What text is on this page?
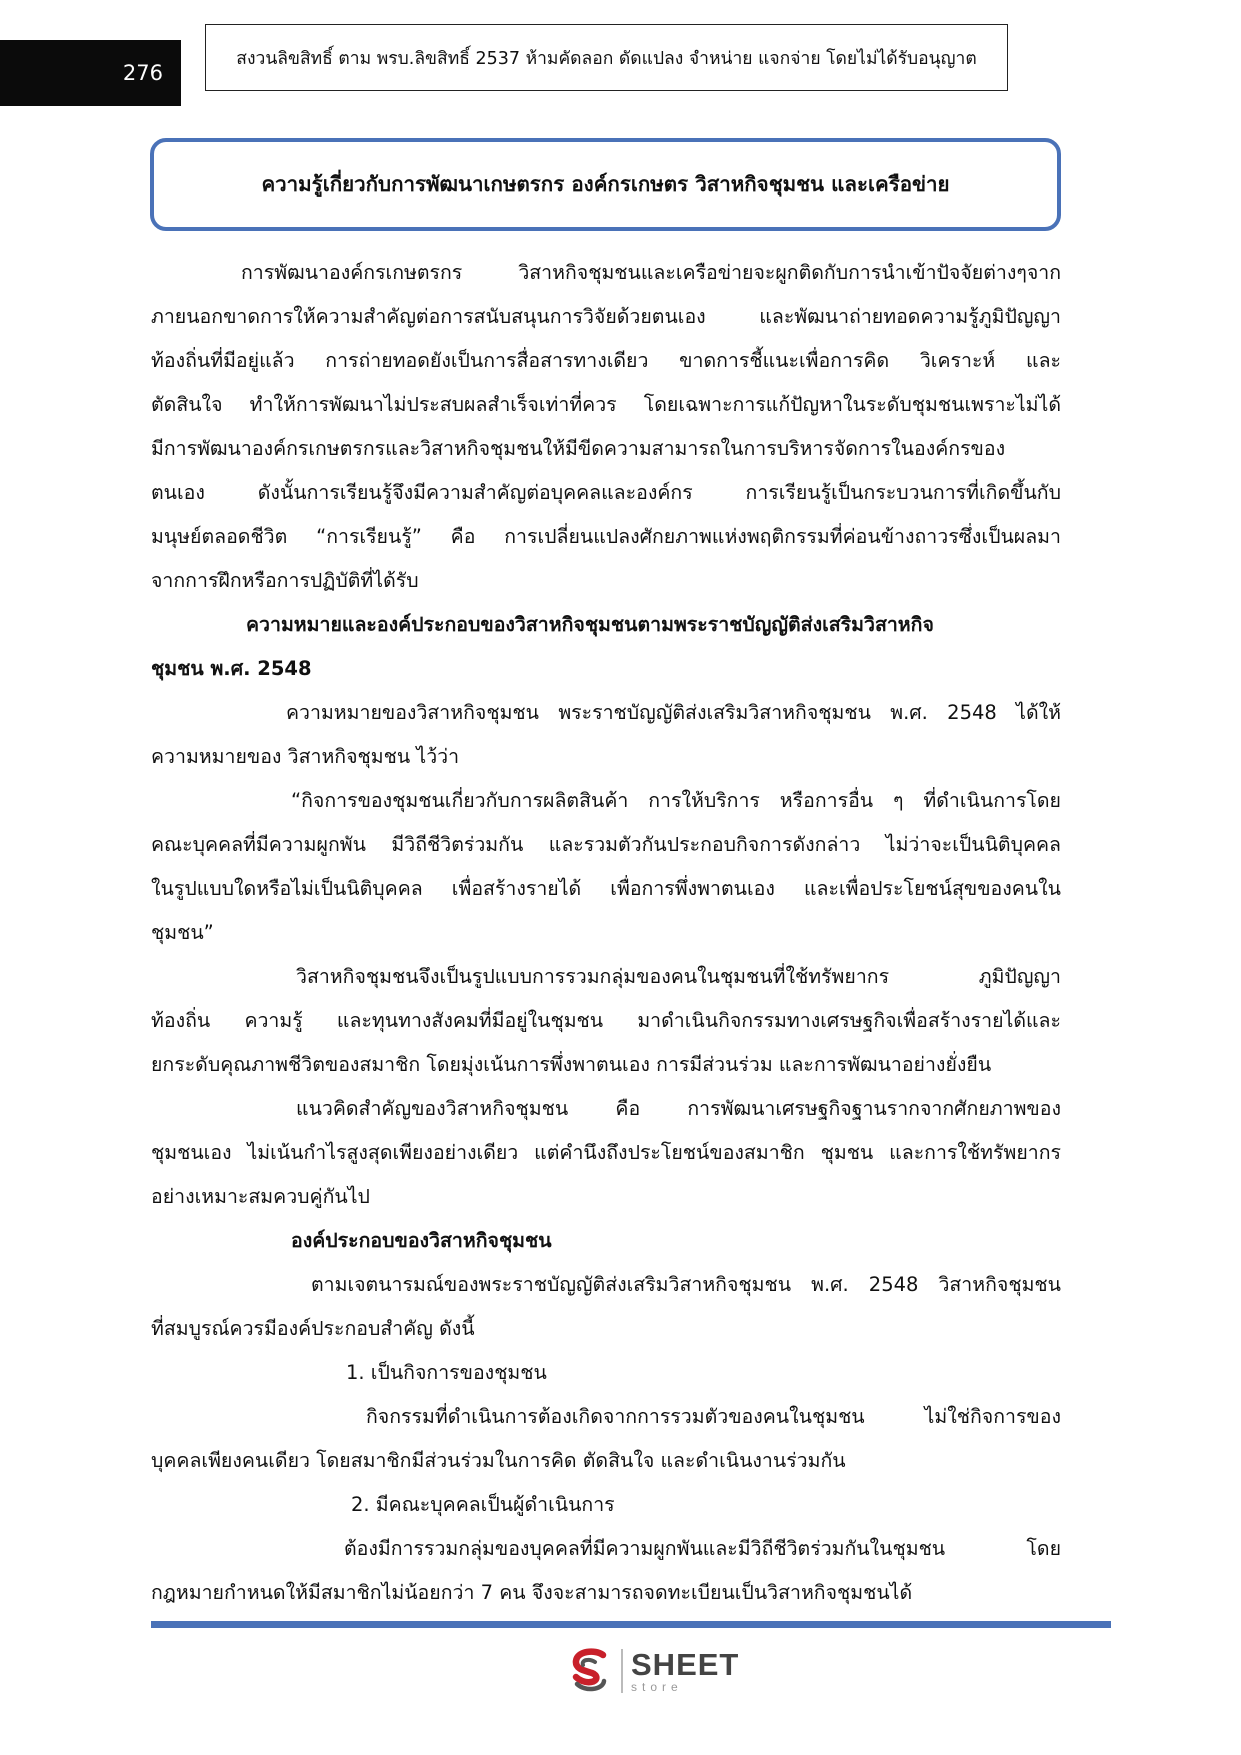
276
สงวนลิขสิทธิ์ ตาม พรบ.ลิขสิทธิ์ 2537 ห้ามคัดลอก ดัดแปลง จำหน่าย แจกจ่าย โดยไม่ได้รับอนุญาต
ความรู้เกี่ยวกับการพัฒนาเกษตรกร องค์กรเกษตร วิสาหกิจชุมชน และเครือข่าย

การพัฒนาองค์กรเกษตรกร วิสาหกิจชุมชนและเครือข่ายจะผูกติดกับการนำเข้าปัจจัยต่างๆจาก

ภายนอกขาดการให้ความสำคัญต่อการสนับสนุนการวิจัยด้วยตนเอง และพัฒนาถ่ายทอดความรู้ภูมิปัญญา

ท้องถิ่นที่มีอยู่แล้ว การถ่ายทอดยังเป็นการสื่อสารทางเดียว ขาดการชี้แนะเพื่อการคิด วิเคราะห์ และ

ตัดสินใจ ทำให้การพัฒนาไม่ประสบผลสำเร็จเท่าที่ควร โดยเฉพาะการแก้ปัญหาในระดับชุมชนเพราะไม่ได้

มีการพัฒนาองค์กรเกษตรกรและวิสาหกิจชุมชนให้มีขีดความสามารถในการบริหารจัดการในองค์กรของ

ตนเอง ดังนั้นการเรียนรู้จึงมีความสำคัญต่อบุคคลและองค์กร การเรียนรู้เป็นกระบวนการที่เกิดขึ้นกับ

มนุษย์ตลอดชีวิต “การเรียนรู้” คือ การเปลี่ยนแปลงศักยภาพแห่งพฤติกรรมที่ค่อนข้างถาวรซึ่งเป็นผลมา

จากการฝึกหรือการปฏิบัติที่ได้รับ

ความหมายและองค์ประกอบของวิสาหกิจชุมชนตามพระราชบัญญัติส่งเสริมวิสาหกิจ

ชุมชน พ.ศ. 2548

ความหมายของวิสาหกิจชุมชน พระราชบัญญัติส่งเสริมวิสาหกิจชุมชน พ.ศ. 2548 ได้ให้

ความหมายของ วิสาหกิจชุมชน ไว้ว่า

“กิจการของชุมชนเกี่ยวกับการผลิตสินค้า การให้บริการ หรือการอื่น ๆ ที่ดำเนินการโดย

คณะบุคคลที่มีความผูกพัน มีวิถีชีวิตร่วมกัน และรวมตัวกันประกอบกิจการดังกล่าว ไม่ว่าจะเป็นนิติบุคคล

ในรูปแบบใดหรือไม่เป็นนิติบุคคล เพื่อสร้างรายได้ เพื่อการพึ่งพาตนเอง และเพื่อประโยชน์สุขของคนใน

ชุมชน”

วิสาหกิจชุมชนจึงเป็นรูปแบบการรวมกลุ่มของคนในชุมชนที่ใช้ทรัพยากร ภูมิปัญญา

ท้องถิ่น ความรู้ และทุนทางสังคมที่มีอยู่ในชุมชน มาดำเนินกิจกรรมทางเศรษฐกิจเพื่อสร้างรายได้และ

ยกระดับคุณภาพชีวิตของสมาชิก โดยมุ่งเน้นการพึ่งพาตนเอง การมีส่วนร่วม และการพัฒนาอย่างยั่งยืน

แนวคิดสำคัญของวิสาหกิจชุมชน คือ การพัฒนาเศรษฐกิจฐานรากจากศักยภาพของ

ชุมชนเอง ไม่เน้นกำไรสูงสุดเพียงอย่างเดียว แต่คำนึงถึงประโยชน์ของสมาชิก ชุมชน และการใช้ทรัพยากร

อย่างเหมาะสมควบคู่กันไป

องค์ประกอบของวิสาหกิจชุมชน

ตามเจตนารมณ์ของพระราชบัญญัติส่งเสริมวิสาหกิจชุมชน พ.ศ. 2548 วิสาหกิจชุมชน

ที่สมบูรณ์ควรมีองค์ประกอบสำคัญ ดังนี้

1. เป็นกิจการของชุมชน

กิจกรรมที่ดำเนินการต้องเกิดจากการรวมตัวของคนในชุมชน ไม่ใช่กิจการของ

บุคคลเพียงคนเดียว โดยสมาชิกมีส่วนร่วมในการคิด ตัดสินใจ และดำเนินงานร่วมกัน

2. มีคณะบุคคลเป็นผู้ดำเนินการ

ต้องมีการรวมกลุ่มของบุคคลที่มีความผูกพันและมีวิถีชีวิตร่วมกันในชุมชน โดย

กฎหมายกำหนดให้มีสมาชิกไม่น้อยกว่า 7 คน จึงจะสามารถจดทะเบียนเป็นวิสาหกิจชุมชนได้

SHEET
store
